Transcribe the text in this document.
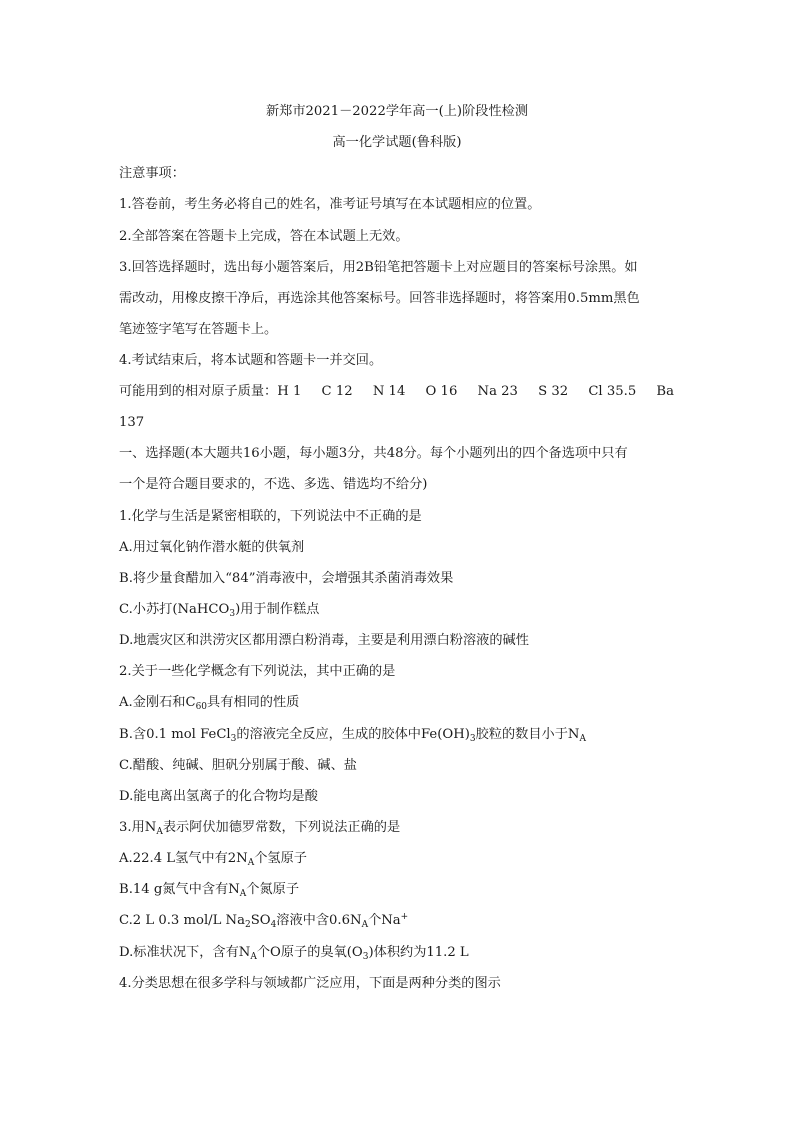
新郑市2021－2022学年高一(上)阶段性检测
高一化学试题(鲁科版)
注意事项：
1.答卷前，考生务必将自己的姓名，准考证号填写在本试题相应的位置。
2.全部答案在答题卡上完成，答在本试题上无效。
3.回答选择题时，选出每小题答案后，用2B铅笔把答题卡上对应题目的答案标号涂黑。如
需改动，用橡皮擦干净后，再选涂其他答案标号。回答非选择题时，将答案用0.5mm黑色
笔迹签字笔写在答题卡上。
4.考试结束后，将本试题和答题卡一并交回。
可能用到的相对原子质量：H 1 C 12 N 14 O 16 Na 23 S 32 Cl 35.5 Ba
137
一、选择题(本大题共16小题，每小题3分，共48分。每个小题列出的四个备选项中只有
一个是符合题目要求的，不选、多选、错选均不给分)
1.化学与生活是紧密相联的，下列说法中不正确的是
A.用过氧化钠作潜水艇的供氧剂
B.将少量食醋加入“84”消毒液中，会增强其杀菌消毒效果
C.小苏打(NaHCO$_3$)用于制作糕点
D.地震灾区和洪涝灾区都用漂白粉消毒，主要是利用漂白粉溶液的碱性
2.关于一些化学概念有下列说法，其中正确的是
A.金刚石和$C_{60}$具有相同的性质
B.含0.1 mol FeCl$_3$的溶液完全反应，生成的胶体中$Fe(OH)_3$胶粒的数目小于$N_A$
C.醋酸、纯碱、胆矾分别属于酸、碱、盐
D.能电离出氢离子的化合物均是酸
3.用$N_A$表示阿伏加德罗常数，下列说法正确的是
A.22.4 L氢气中有$2N_A$个氢原子
B.14 g氮气中含有$N_A$个氮原子
C.2 L 0.3 mol/L $Na_2SO_4$溶液中含$0.6N_A$个Na+
D.标准状况下，含有$N_A$个O原子的臭氧$(O_3)$体积约为11.2 L
4.分类思想在很多学科与领域都广泛应用，下面是两种分类的图示
